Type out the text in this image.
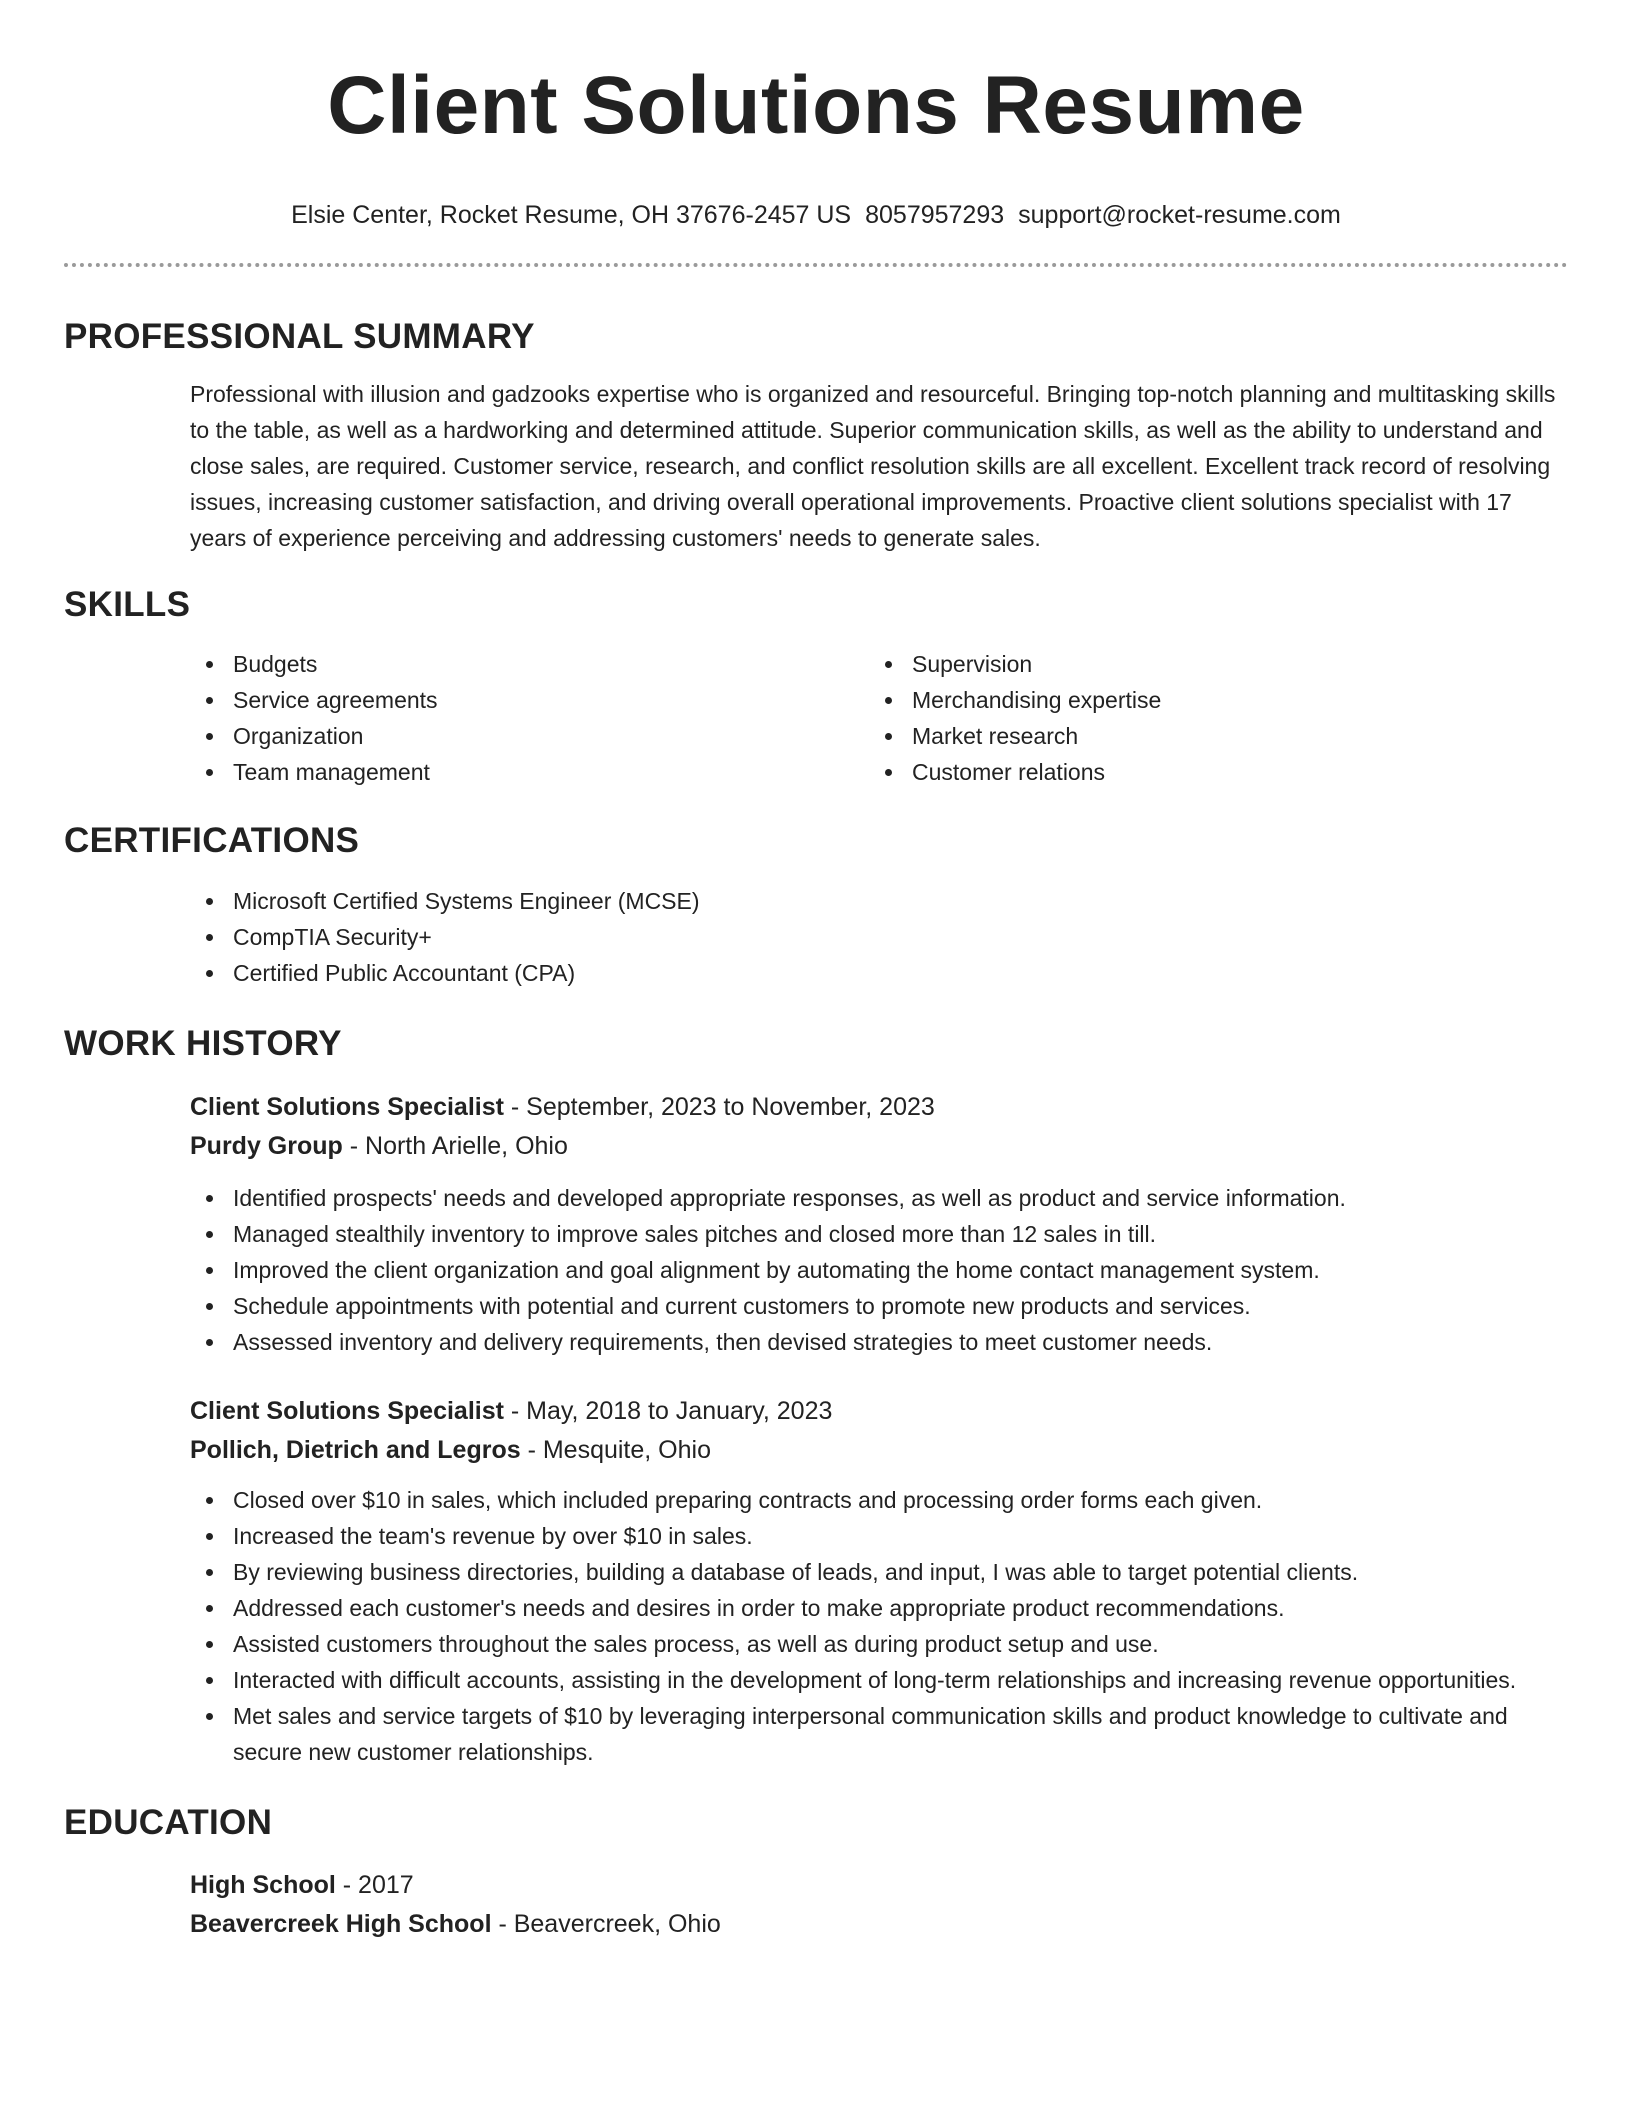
Client Solutions Resume
Elsie Center, Rocket Resume, OH 37676-2457 US 8057957293 support@rocket-resume.com
PROFESSIONAL SUMMARY

Professional with illusion and gadzooks expertise who is organized and resourceful. Bringing top-notch planning and multitasking skills to the table, as well as a hardworking and determined attitude. Superior communication skills, as well as the ability to understand and close sales, are required. Customer service, research, and conflict resolution skills are all excellent. Excellent track record of resolving issues, increasing customer satisfaction, and driving overall operational improvements. Proactive client solutions specialist with 17 years of experience perceiving and addressing customers' needs to generate sales.

SKILLS
Budgets
Service agreements
Organization
Team management
Supervision
Merchandising expertise
Market research
Customer relations
CERTIFICATIONS
Microsoft Certified Systems Engineer (MCSE)
CompTIA Security+
Certified Public Accountant (CPA)
WORK HISTORY
Client Solutions Specialist - September, 2023 to November, 2023
Purdy Group - North Arielle, Ohio
Identified prospects' needs and developed appropriate responses, as well as product and service information.
Managed stealthily inventory to improve sales pitches and closed more than 12 sales in till.
Improved the client organization and goal alignment by automating the home contact management system.
Schedule appointments with potential and current customers to promote new products and services.
Assessed inventory and delivery requirements, then devised strategies to meet customer needs.
Client Solutions Specialist - May, 2018 to January, 2023
Pollich, Dietrich and Legros - Mesquite, Ohio
Closed over $10 in sales, which included preparing contracts and processing order forms each given.
Increased the team's revenue by over $10 in sales.
By reviewing business directories, building a database of leads, and input, I was able to target potential clients.
Addressed each customer's needs and desires in order to make appropriate product recommendations.
Assisted customers throughout the sales process, as well as during product setup and use.
Interacted with difficult accounts, assisting in the development of long-term relationships and increasing revenue opportunities.
Met sales and service targets of $10 by leveraging interpersonal communication skills and product knowledge to cultivate and secure new customer relationships.
EDUCATION
High School - 2017
Beavercreek High School - Beavercreek, Ohio
